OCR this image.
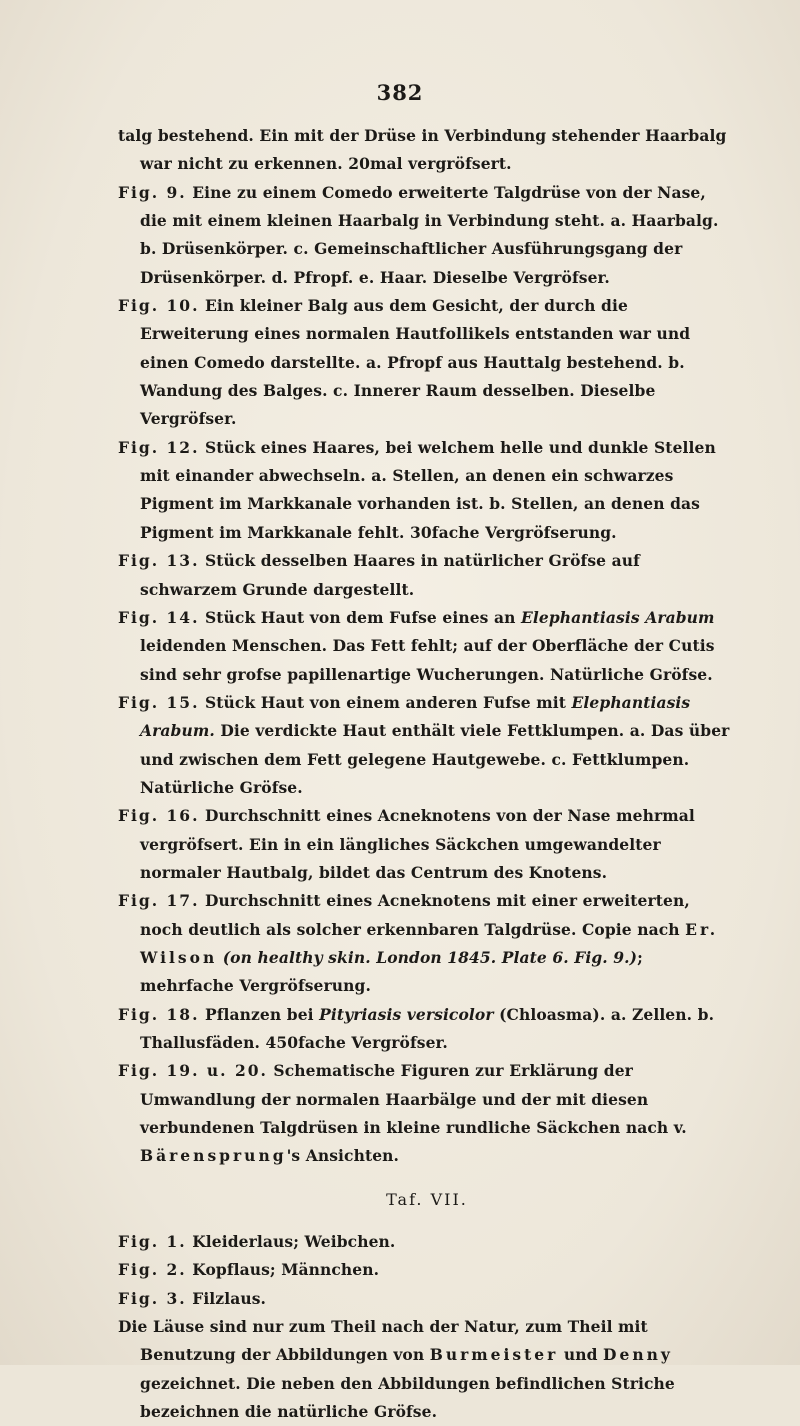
382

talg bestehend. Ein mit der Drüse in Verbindung stehender Haarbalg war nicht zu erkennen. 20mal vergröfsert.

Fig. 9. Eine zu einem Comedo erweiterte Talgdrüse von der Nase, die mit einem kleinen Haarbalg in Verbindung steht. a. Haarbalg. b. Drüsenkörper. c. Gemeinschaftlicher Ausführungsgang der Drüsenkörper. d. Pfropf. e. Haar. Dieselbe Vergröfser.

Fig. 10. Ein kleiner Balg aus dem Gesicht, der durch die Erweiterung eines normalen Hautfollikels entstanden war und einen Comedo darstellte. a. Pfropf aus Hauttalg bestehend. b. Wandung des Balges. c. Innerer Raum desselben. Dieselbe Vergröfser.

Fig. 12. Stück eines Haares, bei welchem helle und dunkle Stellen mit einander abwechseln. a. Stellen, an denen ein schwarzes Pigment im Markkanale vorhanden ist. b. Stellen, an denen das Pigment im Markkanale fehlt. 30fache Vergröfserung.

Fig. 13. Stück desselben Haares in natürlicher Gröfse auf schwarzem Grunde dargestellt.

Fig. 14. Stück Haut von dem Fufse eines an Elephantiasis Arabum leidenden Menschen. Das Fett fehlt; auf der Oberfläche der Cutis sind sehr grofse papillenartige Wucherungen. Natürliche Gröfse.

Fig. 15. Stück Haut von einem anderen Fufse mit Elephantiasis Arabum. Die verdickte Haut enthält viele Fettklumpen. a. Das über und zwischen dem Fett gelegene Hautgewebe. c. Fettklumpen. Natürliche Gröfse.

Fig. 16. Durchschnitt eines Acneknotens von der Nase mehrmal vergröfsert. Ein in ein längliches Säckchen umgewandelter normaler Hautbalg, bildet das Centrum des Knotens.

Fig. 17. Durchschnitt eines Acneknotens mit einer erweiterten, noch deutlich als solcher erkennbaren Talgdrüse. Copie nach Er. Wilson (on healthy skin. London 1845. Plate 6. Fig. 9.); mehrfache Vergröfserung.

Fig. 18. Pflanzen bei Pityriasis versicolor (Chloasma). a. Zellen. b. Thallusfäden. 450fache Vergröfser.

Fig. 19. u. 20. Schematische Figuren zur Erklärung der Umwandlung der normalen Haarbälge und der mit diesen verbundenen Talgdrüsen in kleine rundliche Säckchen nach v. Bärensprung's Ansichten.

Taf. VII.

Fig. 1. Kleiderlaus; Weibchen.

Fig. 2. Kopflaus; Männchen.

Fig. 3. Filzlaus.

Die Läuse sind nur zum Theil nach der Natur, zum Theil mit Benutzung der Abbildungen von Burmeister und Denny gezeichnet. Die neben den Abbildungen befindlichen Striche bezeichnen die natürliche Gröfse.
